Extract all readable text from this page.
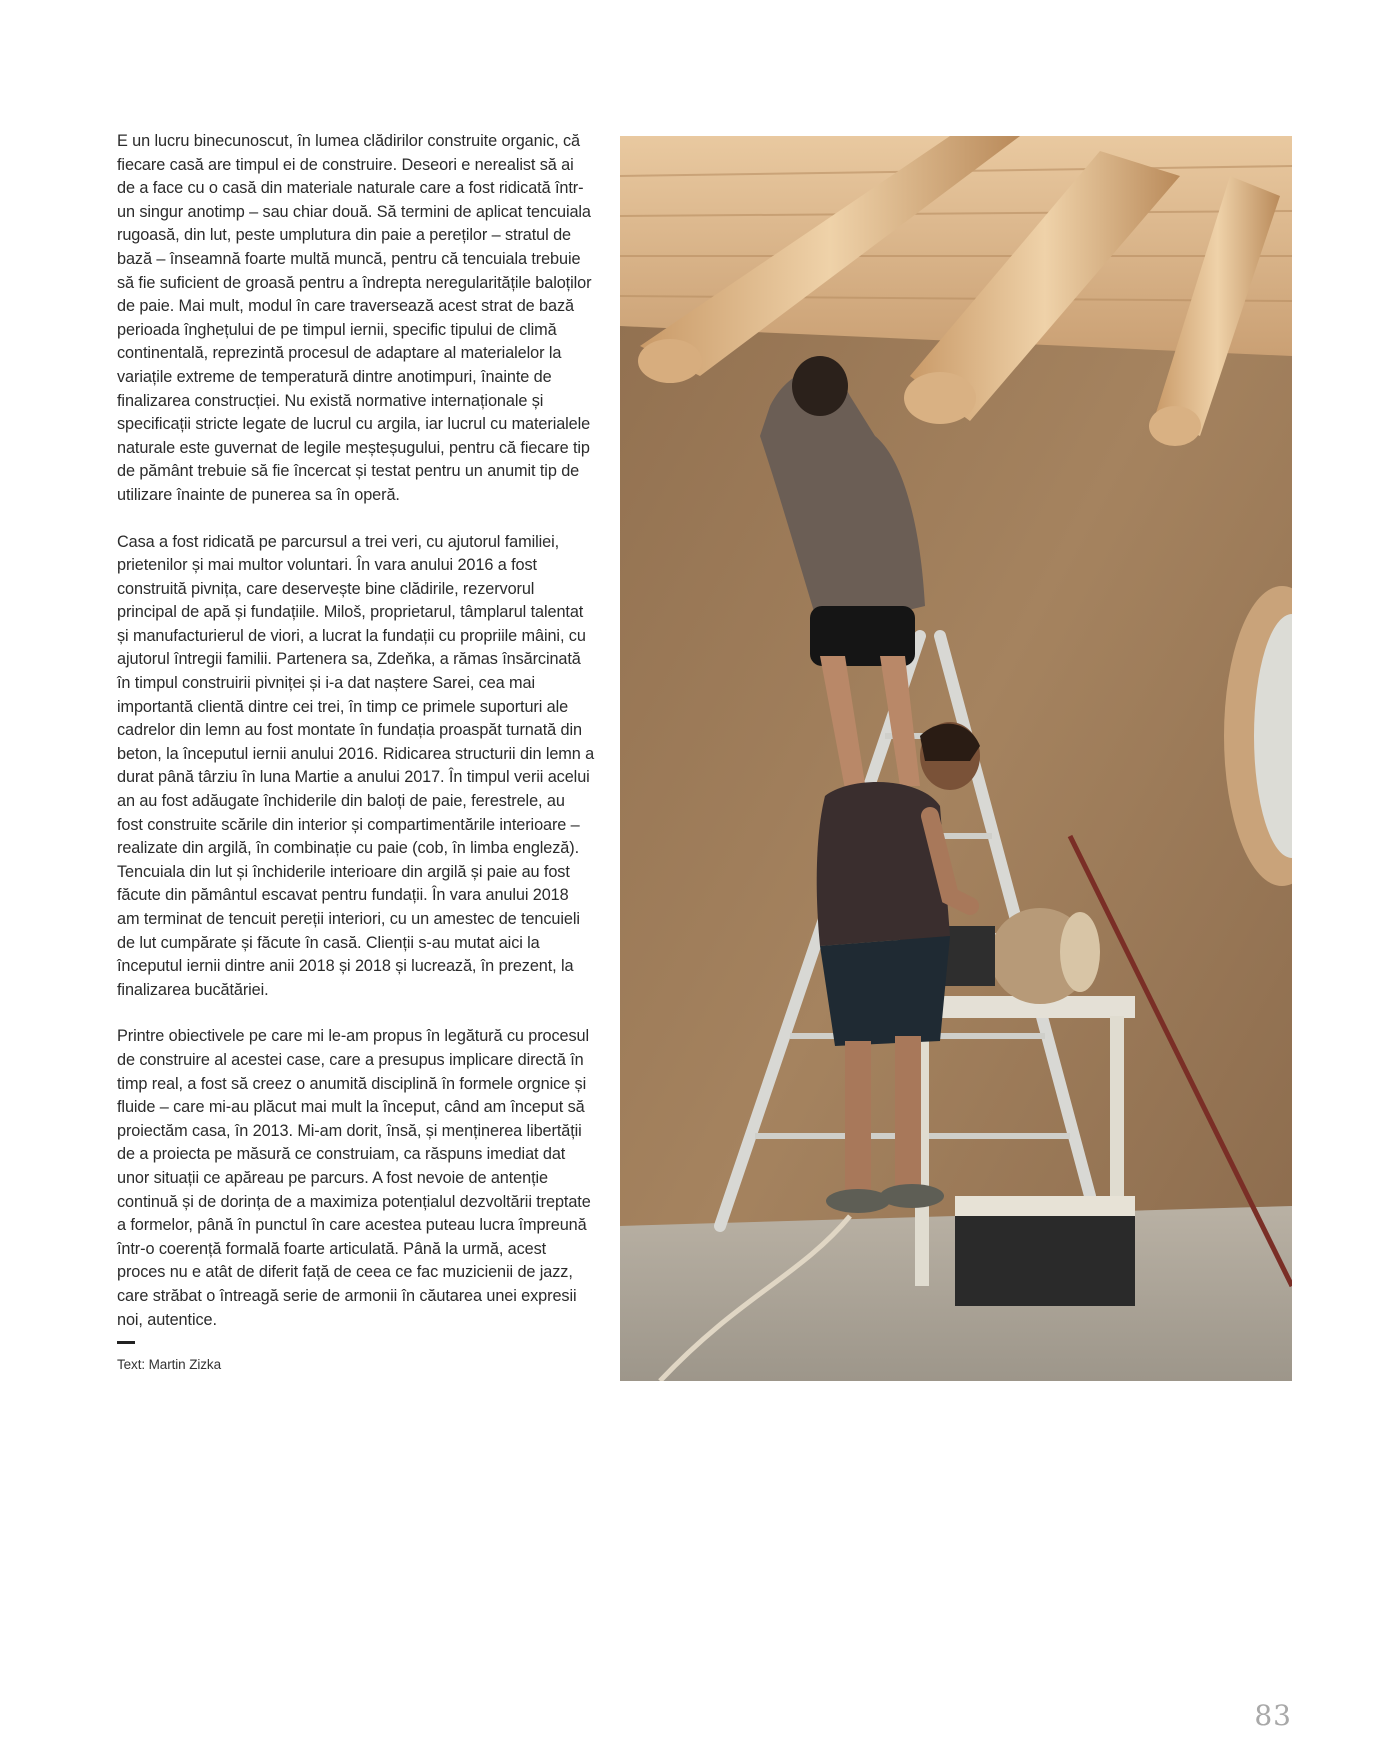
E un lucru binecunoscut, în lumea clădirilor construite organic, că fiecare casă are timpul ei de construire. Deseori e nerealist să ai de a face cu o casă din materiale naturale care a fost ridicată într-un singur anotimp – sau chiar două. Să termini de aplicat tencuiala rugoasă, din lut, peste umplutura din paie a pereților – stratul de bază – înseamnă foarte multă muncă, pentru că tencuiala trebuie să fie suficient de groasă pentru a îndrepta neregularitățile baloților de paie. Mai mult, modul în care traversează acest strat de bază perioada înghețului de pe timpul iernii, specific tipului de climă continentală, reprezintă procesul de adaptare al materialelor la variațile extreme de temperatură dintre anotimpuri, înainte de finalizarea construcției. Nu există normative internaționale și specificații stricte legate de lucrul cu argila, iar lucrul cu materialele naturale este guvernat de legile meșteșugului, pentru că fiecare tip de pământ trebuie să fie încercat și testat pentru un anumit tip de utilizare înainte de punerea sa în operă.

Casa a fost ridicată pe parcursul a trei veri, cu ajutorul familiei, prietenilor și mai multor voluntari. În vara anului 2016 a fost construită pivnița, care deservește bine clădirile, rezervorul principal de apă și fundațiile. Miloš, proprietarul, tâmplarul talentat și manufacturierul de viori, a lucrat la fundații cu propriile mâini, cu ajutorul întregii familii. Partenera sa, Zdeňka, a rămas însărcinată în timpul construirii pivniței și i-a dat naștere Sarei, cea mai importantă clientă dintre cei trei, în timp ce primele suporturi ale cadrelor din lemn au fost montate în fundația proaspăt turnată din beton, la începutul iernii anului 2016. Ridicarea structurii din lemn a durat până târziu în luna Martie a anului 2017. În timpul verii acelui an au fost adăugate închiderile din baloți de paie, ferestrele, au fost construite scările din interior și compartimentările interioare – realizate din argilă, în combinație cu paie (cob, în limba engleză). Tencuiala din lut și închiderile interioare din argilă și paie au fost făcute din pământul escavat pentru fundații. În vara anului 2018 am terminat de tencuit pereții interiori, cu un amestec de tencuieli de lut cumpărate și făcute în casă. Clienții s-au mutat aici la începutul iernii dintre anii 2018 și 2018 și lucrează, în prezent, la finalizarea bucătăriei.

Printre obiectivele pe care mi le-am propus în legătură cu procesul de construire al acestei case, care a presupus implicare directă în timp real, a fost să creez o anumită disciplină în formele orgnice și fluide – care mi-au plăcut mai mult la început, când am început să proiectăm casa, în 2013. Mi-am dorit, însă, și menținerea libertății de a proiecta pe măsură ce construiam, ca răspuns imediat dat unor situații ce apăreau pe parcurs. A fost nevoie de antenție continuă și de dorința de a maximiza potențialul dezvoltării treptate a formelor, până în punctul în care acestea puteau lucra împreună într-o coerență formală foarte articulată. Până la urmă, acest proces nu e atât de diferit față de ceea ce fac muzicienii de jazz, care străbat o întreagă serie de armonii în căutarea unei expresii noi, autentice.

Text: Martin Zizka
83
